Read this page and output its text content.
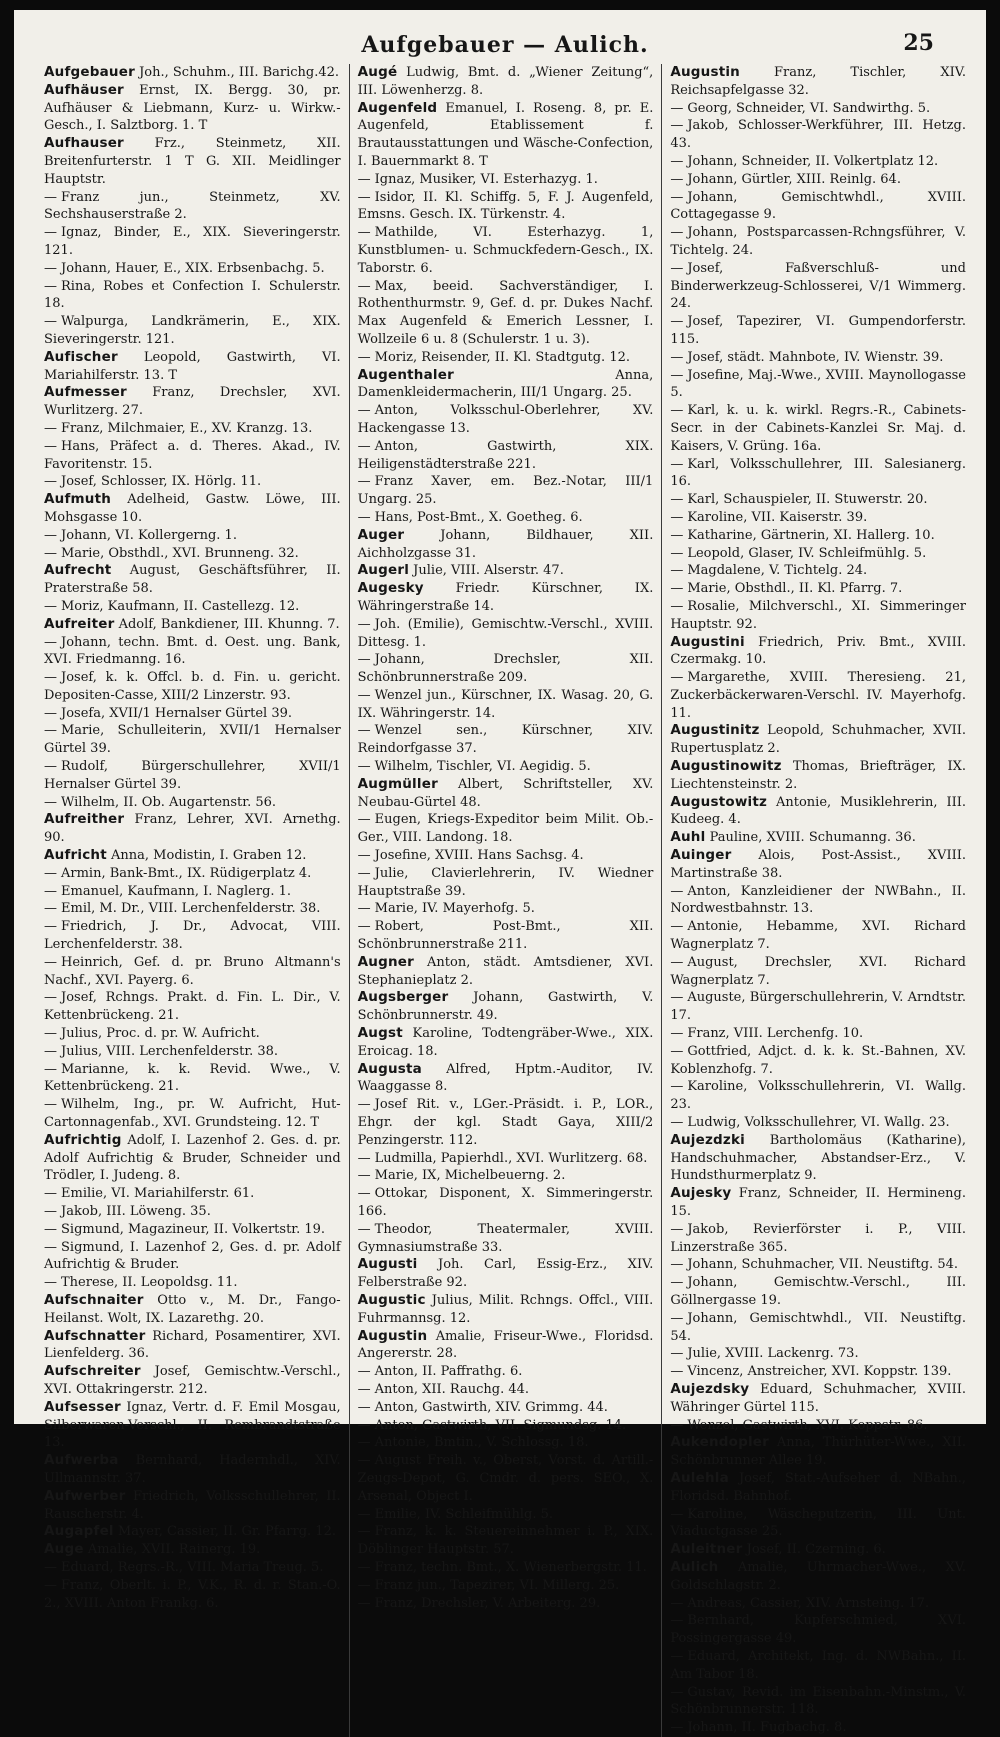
Aufgebauer — Aulich.	25

Aufgebauer Joh., Schuhm., III. Barichg.42.

Aufhäuser Ernst, IX. Bergg. 30, pr. Aufhäuser & Liebmann, Kurz- u. Wirkw.-Gesch., I. Salztborg. 1. T

Aufhauser Frz., Steinmetz, XII. Breitenfurterstr. 1 T G. XII. Meidlinger Hauptstr.

— Franz jun., Steinmetz, XV. Sechshauserstraße 2.

— Ignaz, Binder, E., XIX. Sieveringerstr. 121.

— Johann, Hauer, E., XIX. Erbsenbachg. 5.

— Rina, Robes et Confection I. Schulerstr. 18.

— Walpurga, Landkrämerin, E., XIX. Sieveringerstr. 121.

Aufischer Leopold, Gastwirth, VI. Mariahilferstr. 13. T

Aufmesser Franz, Drechsler, XVI. Wurlitzerg. 27.

— Franz, Milchmaier, E., XV. Kranzg. 13.

— Hans, Präfect a. d. Theres. Akad., IV. Favoritenstr. 15.

— Josef, Schlosser, IX. Hörlg. 11.

Aufmuth Adelheid, Gastw. Löwe, III. Mohsgasse 10.

— Johann, VI. Kollergerng. 1.

— Marie, Obsthdl., XVI. Brunneng. 32.

Aufrecht August, Geschäftsführer, II. Praterstraße 58.

— Moriz, Kaufmann, II. Castellezg. 12.

Aufreiter Adolf, Bankdiener, III. Khunng. 7.

— Johann, techn. Bmt. d. Oest. ung. Bank, XVI. Friedmanng. 16.

— Josef, k. k. Offcl. b. d. Fin. u. gericht. Depositen-Casse, XIII/2 Linzerstr. 93.

— Josefa, XVII/1 Hernalser Gürtel 39.

— Marie, Schulleiterin, XVII/1 Hernalser Gürtel 39.

— Rudolf, Bürgerschullehrer, XVII/1 Hernalser Gürtel 39.

— Wilhelm, II. Ob. Augartenstr. 56.

Aufreither Franz, Lehrer, XVI. Arnethg. 90.

Aufricht Anna, Modistin, I. Graben 12.

— Armin, Bank-Bmt., IX. Rüdigerplatz 4.

— Emanuel, Kaufmann, I. Naglerg. 1.

— Emil, M. Dr., VIII. Lerchenfelderstr. 38.

— Friedrich, J. Dr., Advocat, VIII. Lerchenfelderstr. 38.

— Heinrich, Gef. d. pr. Bruno Altmann's Nachf., XVI. Payerg. 6.

— Josef, Rchngs. Prakt. d. Fin. L. Dir., V. Kettenbrückeng. 21.

— Julius, Proc. d. pr. W. Aufricht.

— Julius, VIII. Lerchenfelderstr. 38.

— Marianne, k. k. Revid. Wwe., V. Kettenbrückeng. 21.

— Wilhelm, Ing., pr. W. Aufricht, Hut-Cartonnagenfab., XVI. Grundsteing. 12. T

Aufrichtig Adolf, I. Lazenhof 2. Ges. d. pr. Adolf Aufrichtig & Bruder, Schneider und Trödler, I. Judeng. 8.

— Emilie, VI. Mariahilferstr. 61.

— Jakob, III. Löweng. 35.

— Sigmund, Magazineur, II. Volkertstr. 19.

— Sigmund, I. Lazenhof 2, Ges. d. pr. Adolf Aufrichtig & Bruder.

— Therese, II. Leopoldsg. 11.

Aufschnaiter Otto v., M. Dr., Fango-Heilanst. Wolt, IX. Lazarethg. 20.

Aufschnatter Richard, Posamentirer, XVI. Lienfelderg. 36.

Aufschreiter Josef, Gemischtw.-Verschl., XVI. Ottakringerstr. 212.

Aufsesser Ignaz, Vertr. d. F. Emil Mosgau, Silberwaren-Verschl., II. Rembrandtstraße 13.

Aufwerba Bernhard, Hadernhdl., XIV. Ullmannstr. 37.

Aufwerber Friedrich, Volksschullehrer, II. Rauscherstr. 4.

Augapfel Mayer, Cassier, II. Gr. Pfarrg. 12.

Auge Amalie, XVII. Rainerg. 19.

— Eduard, Regrs.-R., VIII. Maria Treug. 5.

— Franz, Oberlt. i. P., V.K., R. d. r. Stan.-O. 2., XVIII. Anton Frankg. 6.

Augé Ludwig, Bmt. d. „Wiener Zeitung“, III. Löwenherzg. 8.

Augenfeld Emanuel, I. Roseng. 8, pr. E. Augenfeld, Etablissement f. Brautausstattungen und Wäsche-Confection, I. Bauernmarkt 8. T

— Ignaz, Musiker, VI. Esterhazyg. 1.

— Isidor, II. Kl. Schiffg. 5, F. J. Augenfeld, Emsns. Gesch. IX. Türkenstr. 4.

— Mathilde, VI. Esterhazyg. 1, Kunstblumen- u. Schmuckfedern-Gesch., IX. Taborstr. 6.

— Max, beeid. Sachverständiger, I. Rothenthurmstr. 9, Gef. d. pr. Dukes Nachf. Max Augenfeld & Emerich Lessner, I. Wollzeile 6 u. 8 (Schulerstr. 1 u. 3).

— Moriz, Reisender, II. Kl. Stadtgutg. 12.

Augenthaler	Anna, Damenkleidermacherin, III/1 Ungarg. 25.

— Anton, Volksschul-Oberlehrer, XV. Hackengasse 13.

— Anton, Gastwirth, XIX. Heiligenstädterstraße 221.

— Franz Xaver, em. Bez.-Notar, III/1 Ungarg. 25.

— Hans, Post-Bmt., X. Goetheg. 6.

Auger	Johann, Bildhauer, XII. Aichholzgasse 31.

Augerl Julie, VIII. Alserstr. 47.

Augesky Friedr. Kürschner, IX. Währingerstraße 14.

— Joh. (Emilie), Gemischtw.-Verschl., XVIII. Dittesg. 1.

— Johann, Drechsler, XII. Schönbrunnerstraße 209.

— Wenzel jun., Kürschner, IX. Wasag. 20, G. IX. Währingerstr. 14.

— Wenzel sen., Kürschner, XIV. Reindorfgasse 37.

— Wilhelm, Tischler, VI. Aegidig. 5.

Augmüller Albert, Schriftsteller, XV. Neubau-Gürtel 48.

— Eugen, Kriegs-Expeditor beim Milit. Ob.-Ger., VIII. Landong. 18.

— Josefine, XVIII. Hans Sachsg. 4.

— Julie, Clavierlehrerin, IV. Wiedner Hauptstraße 39.

— Marie, IV. Mayerhofg. 5.

— Robert, Post-Bmt., XII. Schönbrunnerstraße 211.

Augner Anton, städt. Amtsdiener, XVI. Stephanieplatz 2.

Augsberger Johann, Gastwirth, V. Schönbrunnerstr. 49.

Augst Karoline, Todtengräber-Wwe., XIX. Eroicag. 18.

Augusta Alfred, Hptm.-Auditor, IV. Waaggasse 8.

— Josef Rit. v., LGer.-Präsidt. i. P., LOR., Ehgr. der kgl. Stadt Gaya, XIII/2 Penzingerstr. 112.

— Ludmilla, Papierhdl., XVI. Wurlitzerg. 68.

— Marie, IX, Michelbeuerng. 2.

— Ottokar, Disponent, X. Simmeringerstr. 166.

— Theodor, Theatermaler, XVIII. Gymnasiumstraße 33.

Augusti Joh. Carl, Essig-Erz., XIV. Felberstraße 92.

Augustic Julius, Milit. Rchngs. Offcl., VIII. Fuhrmannsg. 12.

Augustin Amalie, Friseur-Wwe., Floridsd. Angererstr. 28.

— Anton, II. Paffrathg. 6.

— Anton, XII. Rauchg. 44.

— Anton, Gastwirth, XIV. Grimmg. 44.

— Anton, Gastwirth, VII. Sigmundsg. 14.

— Antonie, Bmtin., V. Schlossg. 18.

— August Freih. v., Oberst, Vorst. d. Artill.-Zeugs-Depot, G. Cmdr. d. pers. SEO., X. Arsenal, Object I.

— Emilie, IV. Schleifmühlg. 5.

— Franz, k. k. Steuereinnehmer i. P., XIX. Döblinger Hauptstr. 57.

— Franz, techn. Bmt., X. Wienerbergstr. 11.

— Franz jun., Tapezirer, VI. Millerg. 25.

— Franz, Drechsler, V. Arbeiterg. 29.

Augustin	Franz, Tischler, XIV. Reichsapfelgasse 32.

— Georg, Schneider, VI. Sandwirthg. 5.

— Jakob, Schlosser-Werkführer, III. Hetzg. 43.

— Johann, Schneider, II. Volkertplatz 12.

— Johann, Gürtler, XIII. Reinlg. 64.

— Johann, Gemischtwhdl., XVIII. Cottagegasse 9.

— Johann, Postsparcassen-Rchngsführer, V. Tichtelg. 24.

— Josef, Faßverschluß- und Binderwerkzeug-Schlosserei, V/1 Wimmerg. 24.

— Josef, Tapezirer, VI. Gumpendorferstr. 115.

— Josef, städt. Mahnbote, IV. Wienstr. 39.

— Josefine, Maj.-Wwe., XVIII. Maynollogasse 5.

— Karl, k. u. k. wirkl. Regrs.-R., Cabinets-Secr. in der Cabinets-Kanzlei Sr. Maj. d. Kaisers, V. Grüng. 16a.

— Karl, Volksschullehrer, III. Salesianerg. 16.

— Karl, Schauspieler, II. Stuwerstr. 20.

— Karoline, VII. Kaiserstr. 39.

— Katharine, Gärtnerin, XI. Hallerg. 10.

— Leopold, Glaser, IV. Schleifmühlg. 5.

— Magdalene, V. Tichtelg. 24.

— Marie, Obsthdl., II. Kl. Pfarrg. 7.

— Rosalie, Milchverschl., XI. Simmeringer Hauptstr. 92.

Augustini Friedrich, Priv. Bmt., XVIII. Czermakg. 10.

— Margarethe, XVIII. Theresieng. 21, Zuckerbäckerwaren-Verschl. IV. Mayerhofg. 11.

Augustinitz Leopold, Schuhmacher, XVII. Rupertusplatz 2.

Augustinowitz Thomas, Briefträger, IX. Liechtensteinstr. 2.

Augustowitz Antonie, Musiklehrerin, III. Kudeeg. 4.

Auhl Pauline, XVIII. Schumanng. 36.

Auinger Alois, Post-Assist., XVIII. Martinstraße 38.

— Anton, Kanzleidiener der NWBahn., II. Nordwestbahnstr. 13.

— Antonie, Hebamme, XVI. Richard Wagnerplatz 7.

— August, Drechsler, XVI. Richard Wagnerplatz 7.

— Auguste, Bürgerschullehrerin, V. Arndtstr. 17.

— Franz, VIII. Lerchenfg. 10.

— Gottfried, Adjct. d. k. k. St.-Bahnen, XV. Koblenzhofg. 7.

— Karoline, Volksschullehrerin, VI. Wallg. 23.

— Ludwig, Volksschullehrer, VI. Wallg. 23.

Aujezdzki Bartholomäus (Katharine), Handschuhmacher, Abstandser-Erz., V. Hundsthurmerplatz 9.

Aujesky Franz, Schneider, II. Hermineng. 15.

— Jakob, Revierförster i. P., VIII. Linzerstraße 365.

— Johann, Schuhmacher, VII. Neustiftg. 54.

— Johann, Gemischtw.-Verschl., III. Göllnergasse 19.

— Johann, Gemischtwhdl., VII. Neustiftg. 54.

— Julie, XVIII. Lackenrg. 73.

— Vincenz, Anstreicher, XVI. Koppstr. 139.

Aujezdsky Eduard, Schuhmacher, XVIII. Währinger Gürtel 115.

— Wenzel, Gastwirth, XVI. Koppstr. 86.

Aukendopler Anna, Thürhüter-Wwe., XII. Schönbrunner Allee 19.

Aulehla Josef, Stat.-Aufseher d. NBahn., Floridsd. Bahnhof.

— Karoline, Wäscheputzerin, III. Unt. Viaductgasse 25.

Auleitner Josef, II. Czerning. 6.

Aulich Amalie, Uhrmacher-Wwe., XV. Goldschlagstr. 2.

— Andreas, Cassier, XIV. Arnsteing. 17.

— Bernhard, Kupferschmied, XVI. Possingergasse 49.

— Eduard, Architekt, Ing. d. NWBahn., II. Am Tabor 18.

— Gustav, Revid. im Eisenbahn.-Minstm., V. Schönbrunnerstr. 118.

— Johann, II. Fugbachg. 8.
